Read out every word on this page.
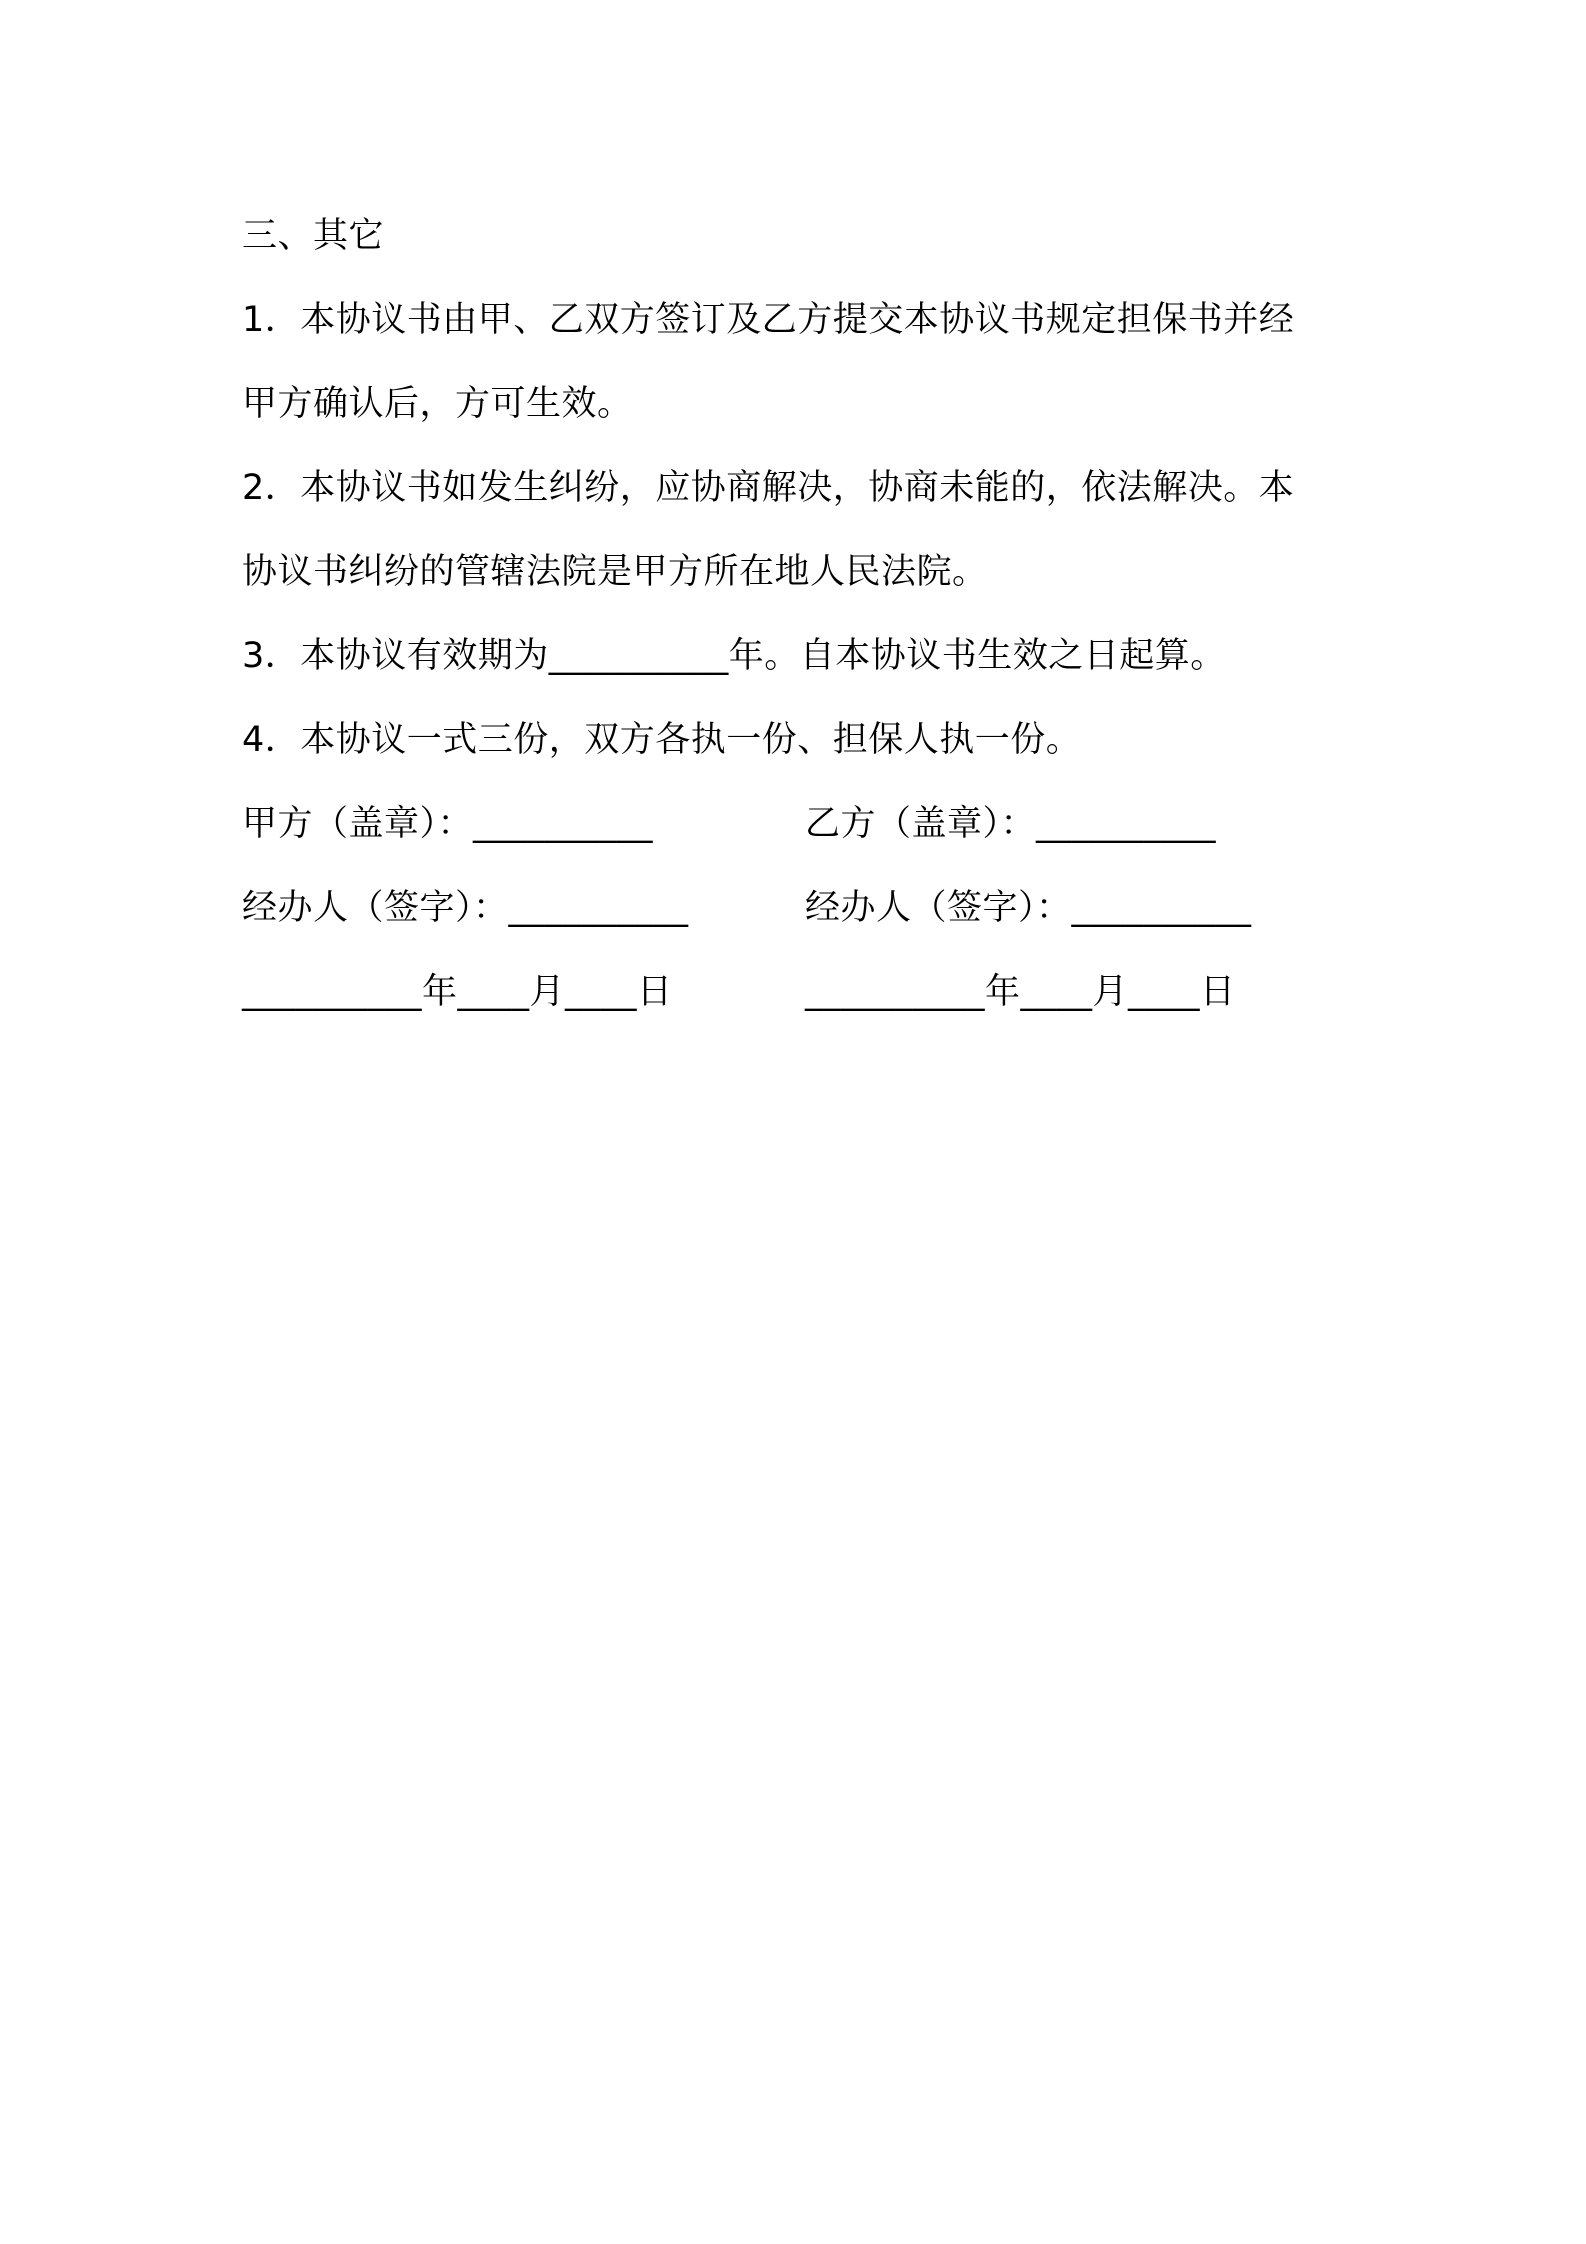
三、其它
1．本协议书由甲、乙双方签订及乙方提交本协议书规定担保书并经
甲方确认后，方可生效。
2．本协议书如发生纠纷，应协商解决，协商未能的，依法解决。本
协议书纠纷的管辖法院是甲方所在地人民法院。
3．本协议有效期为__________年。自本协议书生效之日起算。
4．本协议一式三份，双方各执一份、担保人执一份。
甲方（盖章）：__________	乙方（盖章）：__________
经办人（签字）：__________	经办人（签字）：__________
__________年____月____日	__________年____月____日
